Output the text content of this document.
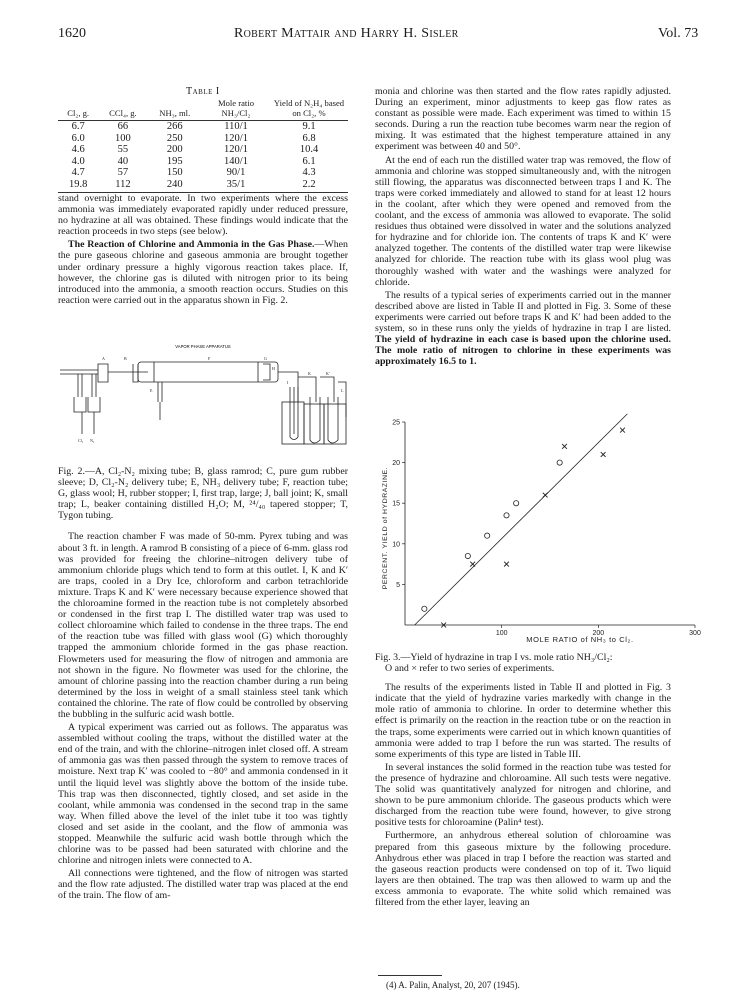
1620	Robert Mattair and Harry H. Sisler	Vol. 73
Table I
Cl₂, g.	CCl₄, g.	NH₃, ml.	Mole ratio NH₃/Cl₂	Yield of N₂H₄ based on Cl₂, %
6.7	66	266	110/1	9.1
6.0	100	250	120/1	6.8
4.6	55	200	120/1	10.4
4.0	40	195	140/1	6.1
4.7	57	150	90/1	4.3
19.8	112	240	35/1	2.2

stand overnight to evaporate. In two experiments where the excess ammonia was immediately evaporated rapidly under reduced pressure, no hydrazine at all was obtained. These findings would indicate that the reaction proceeds in two steps (see below).

The Reaction of Chlorine and Ammonia in the Gas Phase.—When the pure gaseous chlorine and gaseous ammonia are brought together under ordinary pressure a highly vigorous reaction takes place. If, however, the chlorine gas is diluted with nitrogen prior to its being introduced into the ammonia, a smooth reaction occurs. Studies on this reaction were carried out in the apparatus shown in Fig. 2.

VAPOR PHASE APPARATUS
A	B	F	G
H
I
K	K′
L
E
Cl₂ N₂

Fig. 2.—A, Cl₂-N₂ mixing tube; B, glass ramrod; C, pure gum rubber sleeve; D, Cl₂-N₂ delivery tube; E, NH₃ delivery tube; F, reaction tube; G, glass wool; H, rubber stopper; I, first trap, large; J, ball joint; K, small trap; L, beaker containing distilled H₂O; M, ²⁴/₄₀ tapered stopper; T, Tygon tubing.

The reaction chamber F was made of 50-mm. Pyrex tubing and was about 3 ft. in length. A ramrod B consisting of a piece of 6-mm. glass rod was provided for freeing the chlorine–nitrogen delivery tube of ammonium chloride plugs which tend to form at this outlet. I, K and K′ are traps, cooled in a Dry Ice, chloroform and carbon tetrachloride mixture. Traps K and K′ were necessary because experience showed that the chloroamine formed in the reaction tube is not completely absorbed or condensed in the first trap I. The distilled water trap was used to collect chloroamine which failed to condense in the three traps. The end of the reaction tube was filled with glass wool (G) which thoroughly trapped the ammonium chloride formed in the gas phase reaction. Flowmeters used for measuring the flow of nitrogen and ammonia are not shown in the figure. No flowmeter was used for the chlorine, the amount of chlorine passing into the reaction chamber during a run being determined by the loss in weight of a small stainless steel tank which contained the chlorine. The rate of flow could be controlled by observing the bubbling in the sulfuric acid wash bottle.

A typical experiment was carried out as follows. The apparatus was assembled without cooling the traps, without the distilled water at the end of the train, and with the chlorine–nitrogen inlet closed off. A stream of ammonia gas was then passed through the system to remove traces of moisture. Next trap K′ was cooled to −80° and ammonia condensed in it until the liquid level was slightly above the bottom of the inside tube. This trap was then disconnected, tightly closed, and set aside in the coolant, while ammonia was condensed in the second trap in the same way. When filled above the level of the inlet tube it too was tightly closed and set aside in the coolant, and the flow of ammonia was stopped. Meanwhile the sulfuric acid wash bottle through which the chlorine was to be passed had been saturated with chlorine and the chlorine and nitrogen inlets were connected to A.

All connections were tightened, and the flow of nitrogen was started and the flow rate adjusted. The distilled water trap was placed at the end of the train. The flow of am-

monia and chlorine was then started and the flow rates rapidly adjusted. During an experiment, minor adjustments to keep gas flow rates as constant as possible were made. Each experiment was timed to within 15 seconds. During a run the reaction tube becomes warm near the region of mixing. It was estimated that the highest temperature attained in any experiment was between 40 and 50°.

At the end of each run the distilled water trap was removed, the flow of ammonia and chlorine was stopped simultaneously and, with the nitrogen still flowing, the apparatus was disconnected between traps I and K. The traps were corked immediately and allowed to stand for at least 12 hours in the coolant, after which they were opened and removed from the coolant, and the excess of ammonia was allowed to evaporate. The solid residues thus obtained were dissolved in water and the solutions analyzed for hydrazine and for chloride ion. The contents of traps K and K′ were analyzed together. The contents of the distilled water trap were likewise analyzed for chloride. The reaction tube with its glass wool plug was thoroughly washed with water and the washings were analyzed for chloride.

The results of a typical series of experiments carried out in the manner described above are listed in Table II and plotted in Fig. 3. Some of these experiments were carried out before traps K and K′ had been added to the system, so in these runs only the yields of hydrazine in trap I are listed. The yield of hydrazine in each case is based upon the chlorine used. The mole ratio of nitrogen to chlorine in these experiments was approximately 16.5 to 1.

PERCENT. YIELD of HYDRAZINE.
MOLE RATIO of NH₃ to Cl₂.
100	200	300
5
10
15
20
25

Fig. 3.—Yield of hydrazine in trap I vs. mole ratio NH₃/Cl₂:
O and × refer to two series of experiments.

The results of the experiments listed in Table II and plotted in Fig. 3 indicate that the yield of hydrazine varies markedly with change in the mole ratio of ammonia to chlorine. In order to determine whether this effect is primarily on the reaction in the reaction tube or on the reaction in the traps, some experiments were carried out in which known quantities of ammonia were added to trap I before the run was started. The results of some experiments of this type are listed in Table III.

In several instances the solid formed in the reaction tube was tested for the presence of hydrazine and chloroamine. All such tests were negative. The solid was quantitatively analyzed for nitrogen and chlorine, and shown to be pure ammonium chloride. The gaseous products which were discharged from the reaction tube were found, however, to give strong positive tests for chloroamine (Palin⁴ test).

Furthermore, an anhydrous ethereal solution of chloroamine was prepared from this gaseous mixture by the following procedure. Anhydrous ether was placed in trap I before the reaction was started and the gaseous reaction products were condensed on top of it. Two liquid layers are then obtained. The trap was then allowed to warm up and the excess ammonia to evaporate. The white solid which remained was filtered from the ether layer, leaving an

(4) A. Palin, Analyst, 20, 207 (1945).
